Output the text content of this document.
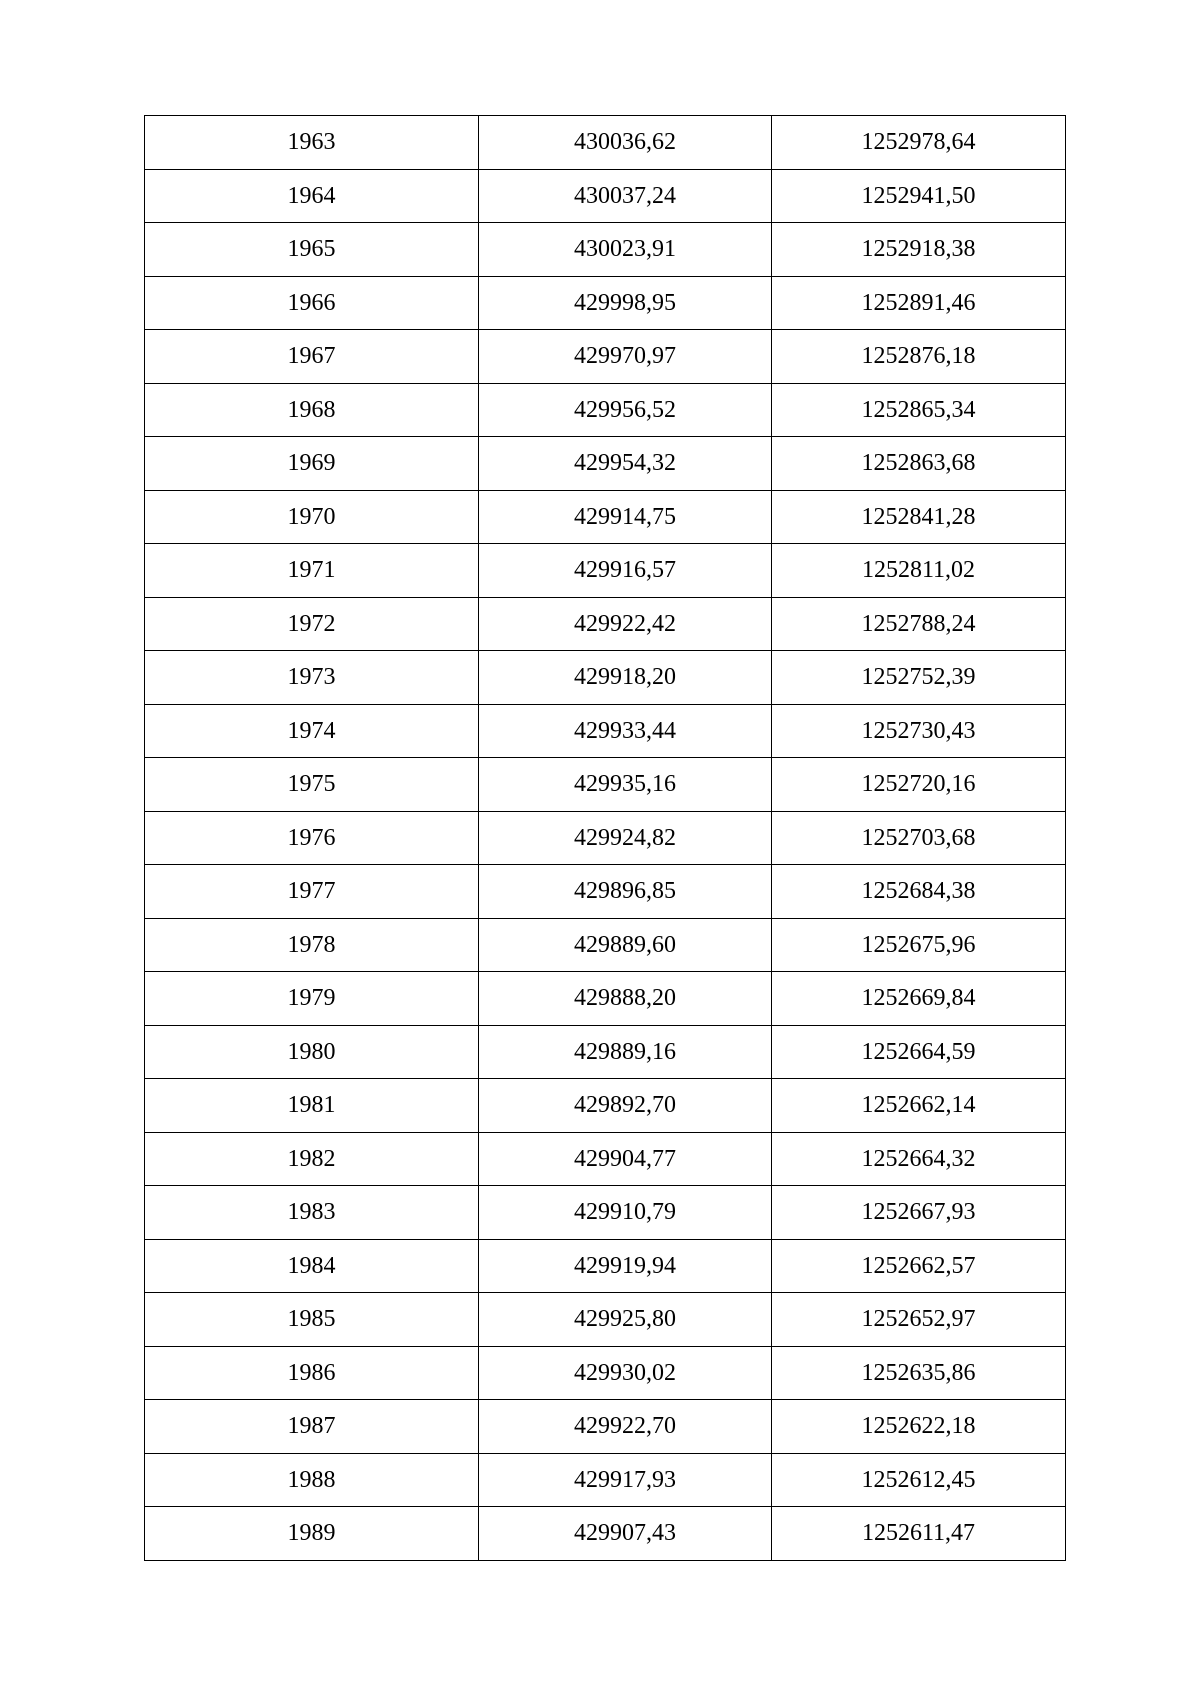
1963	430036,62	1252978,64
1964	430037,24	1252941,50
1965	430023,91	1252918,38
1966	429998,95	1252891,46
1967	429970,97	1252876,18
1968	429956,52	1252865,34
1969	429954,32	1252863,68
1970	429914,75	1252841,28
1971	429916,57	1252811,02
1972	429922,42	1252788,24
1973	429918,20	1252752,39
1974	429933,44	1252730,43
1975	429935,16	1252720,16
1976	429924,82	1252703,68
1977	429896,85	1252684,38
1978	429889,60	1252675,96
1979	429888,20	1252669,84
1980	429889,16	1252664,59
1981	429892,70	1252662,14
1982	429904,77	1252664,32
1983	429910,79	1252667,93
1984	429919,94	1252662,57
1985	429925,80	1252652,97
1986	429930,02	1252635,86
1987	429922,70	1252622,18
1988	429917,93	1252612,45
1989	429907,43	1252611,47
